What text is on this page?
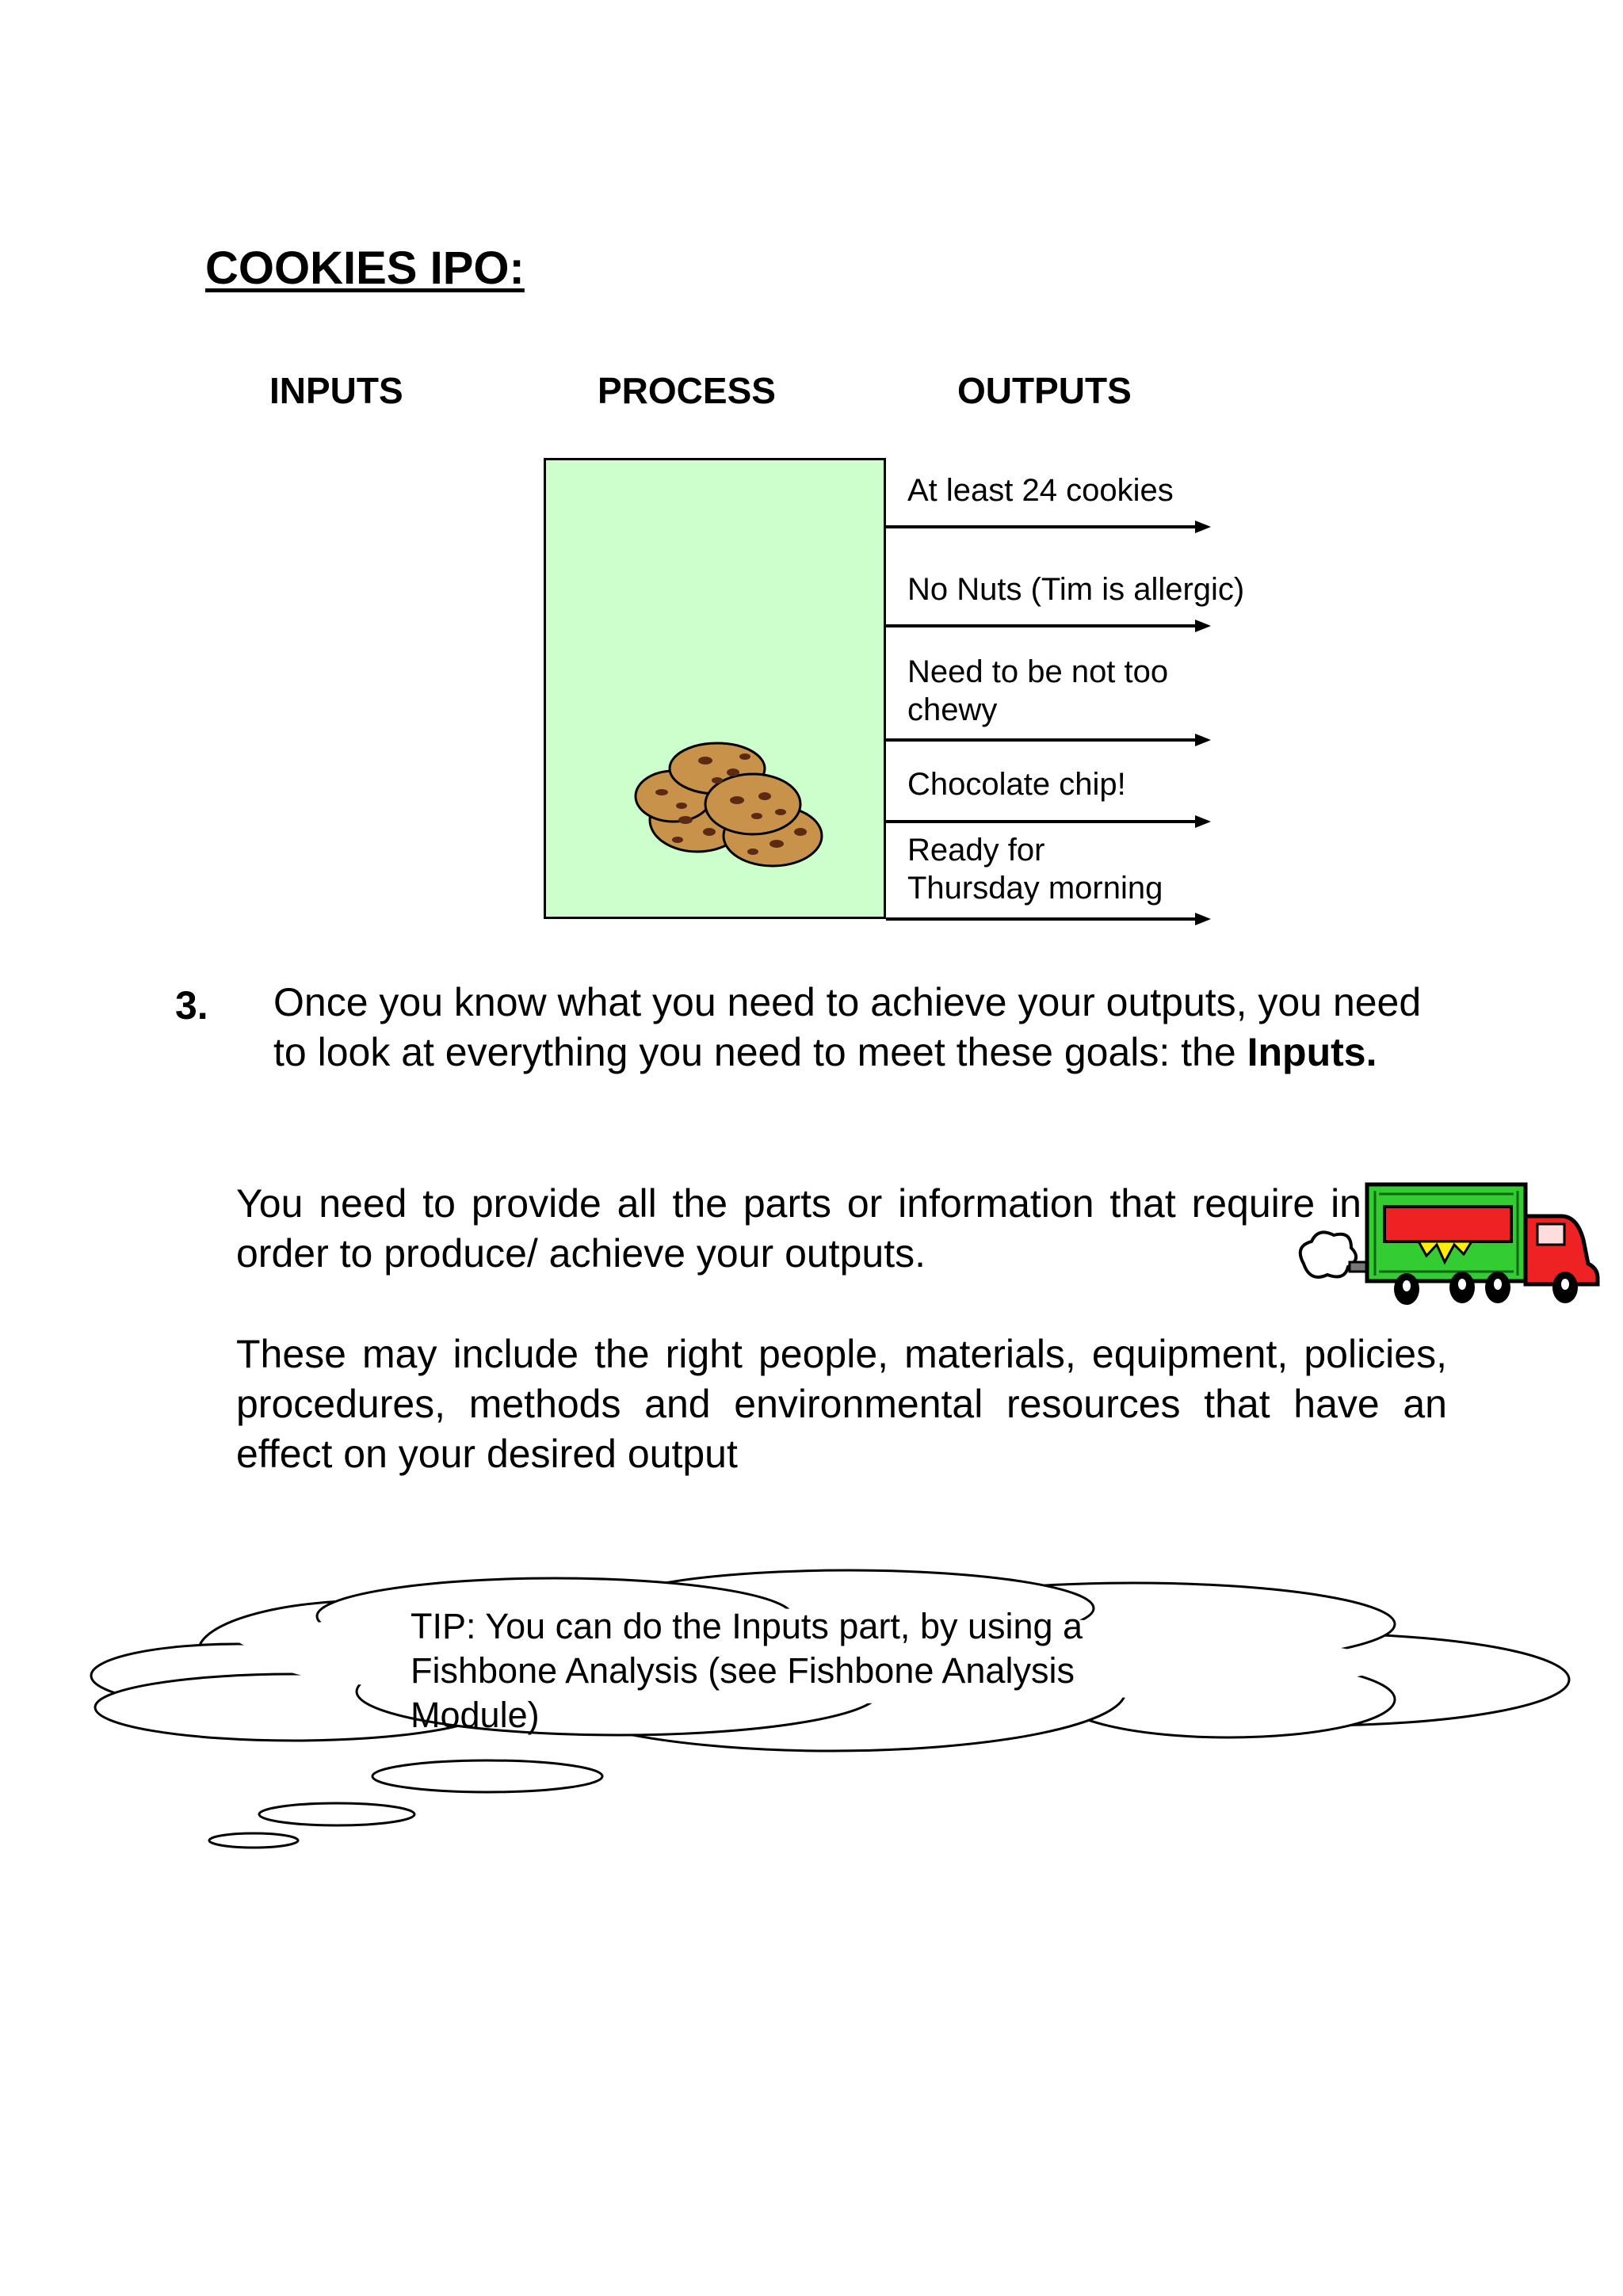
COOKIES IPO:
INPUTS	PROCESS	OUTPUTS
At least 24 cookies
No Nuts (Tim is allergic)
Need to be not too
chewy
Chocolate chip!
Ready for
Thursday morning
3. Once you know what you need to achieve your outputs, you need to look at everything you need to meet these goals: the Inputs.
You need to provide all the parts or information that require in order to produce/ achieve your outputs.
These may include the right people, materials, equipment, policies, procedures, methods and environmental resources that have an effect on your desired output
TIP: You can do the Inputs part, by using a Fishbone Analysis (see Fishbone Analysis Module)
